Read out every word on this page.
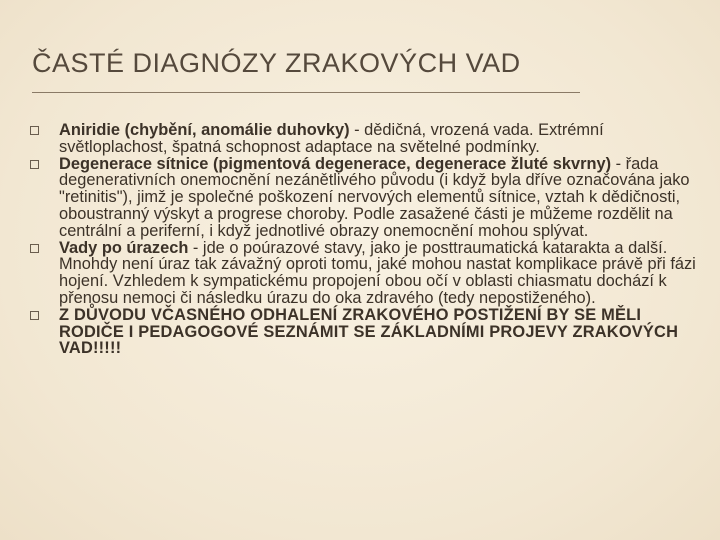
ČASTÉ DIAGNÓZY ZRAKOVÝCH VAD
Aniridie (chybění, anomálie duhovky) - dědičná, vrozená vada. Extrémní světloplachost, špatná schopnost adaptace na světelné podmínky.
Degenerace sítnice (pigmentová degenerace, degenerace žluté skvrny) - řada degenerativních onemocnění nezánětlivého původu (i když byla dříve označována jako "retinitis"), jimž je společné poškození nervových elementů sítnice, vztah k dědičnosti, oboustranný výskyt a progrese choroby. Podle zasažené části je můžeme rozdělit na centrální a periferní, i když jednotlivé obrazy onemocnění mohou splývat.
Vady po úrazech - jde o poúrazové stavy, jako je posttraumatická katarakta a další. Mnohdy není úraz tak závažný oproti tomu, jaké mohou nastat komplikace právě při fázi hojení. Vzhledem k sympatickému propojení obou očí v oblasti chiasmatu dochází k přenosu nemoci či následku úrazu do oka zdravého (tedy nepostiženého).
Z DŮVODU VČASNÉHO ODHALENÍ ZRAKOVÉHO POSTIŽENÍ BY SE MĚLI RODIČE I PEDAGOGOVÉ SEZNÁMIT SE ZÁKLADNÍMI PROJEVY ZRAKOVÝCH VAD!!!!!
